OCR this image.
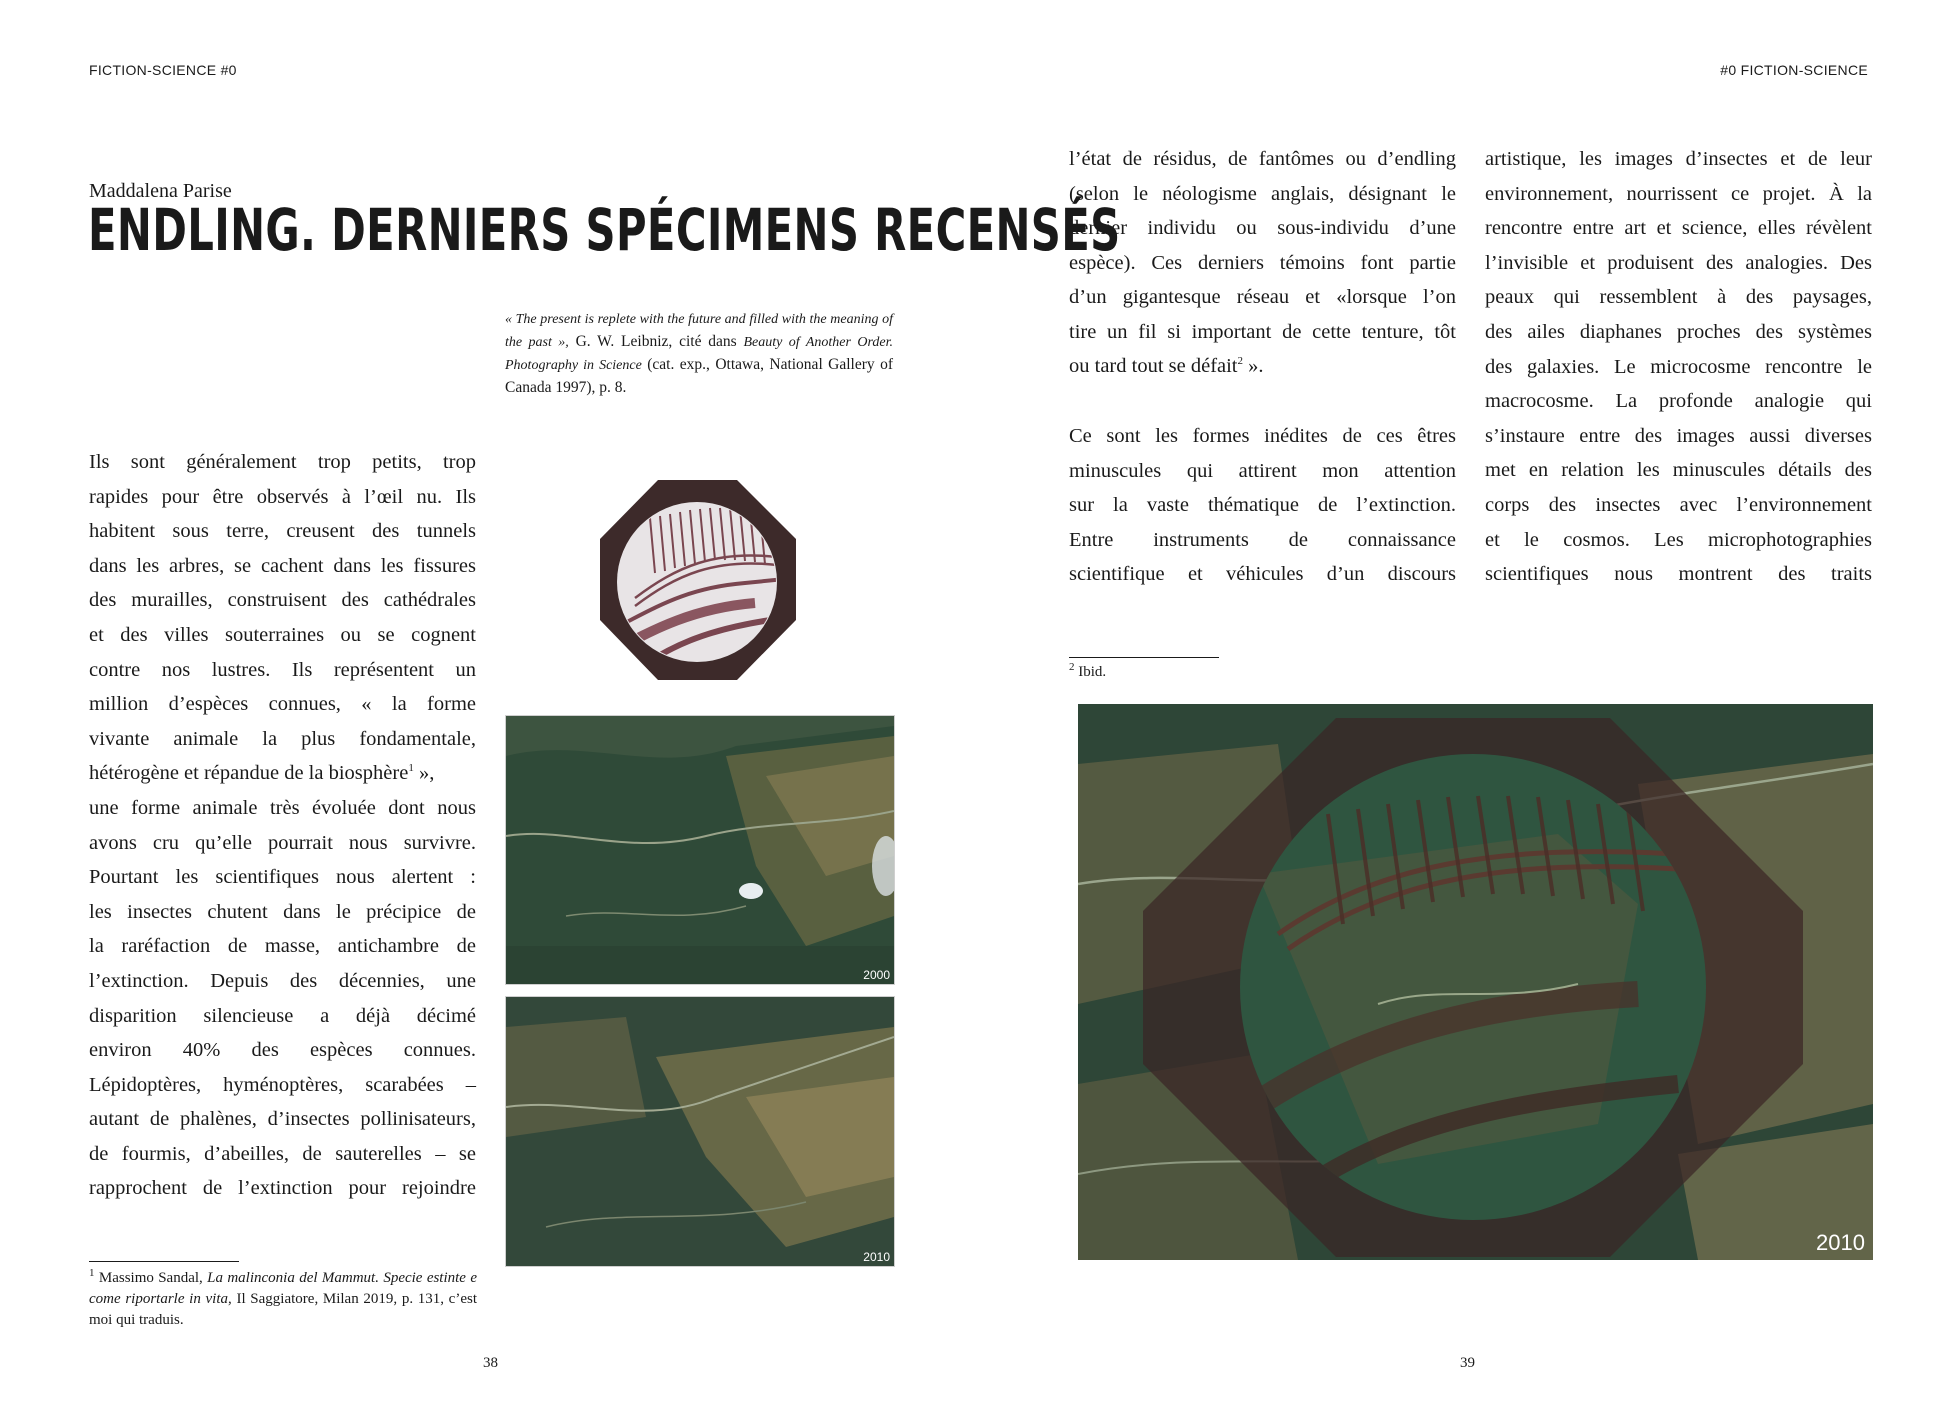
FICTION-SCIENCE #0	#0 FICTION-SCIENCE
Maddalena Parise
ENDLING. DERNIERS SPÉCIMENS RECENSÉS
« The present is replete with the future and filled with the meaning of the past », G. W. Leibniz, cité dans Beauty of Another Order. Photography in Science (cat. exp., Ottawa, National Gallery of Canada 1997), p. 8.
Ils sont généralement trop petits, trop
rapides pour être observés à l’œil nu. Ils
habitent sous terre, creusent des tunnels
dans les arbres, se cachent dans les fissures
des murailles, construisent des cathédrales
et des villes souterraines ou se cognent
contre nos lustres. Ils représentent un
million d’espèces connues, « la forme
vivante animale la plus fondamentale,
hétérogène et répandue de la biosphère$^1$ »,
une forme animale très évoluée dont nous
avons cru qu’elle pourrait nous survivre.
Pourtant les scientifiques nous alertent :
les insectes chutent dans le précipice de
la raréfaction de masse, antichambre de
l’extinction. Depuis des décennies, une
disparition silencieuse a déjà décimé
environ 40% des espèces connues.
Lépidoptères, hyménoptères, scarabées –
autant de phalènes, d’insectes pollinisateurs,
de fourmis, d’abeilles, de sauterelles – se
rapprochent de l’extinction pour rejoindre
$^1$ Massimo Sandal, La malinconia del Mammut. Specie estinte e come riportarle in vita, Il Saggiatore, Milan 2019, p. 131, c’est moi qui traduis.
2000
2010
38
l’état de résidus, de fantômes ou d’endling
(selon le néologisme anglais, désignant le
dernier individu ou sous-individu d’une
espèce). Ces derniers témoins font partie
d’un gigantesque réseau et «lorsque l’on
tire un fil si important de cette tenture, tôt
ou tard tout se défait$^2$ ».
Ce sont les formes inédites de ces êtres
minuscules qui attirent mon attention
sur la vaste thématique de l’extinction.
Entre instruments de connaissance
scientifique et véhicules d’un discours
artistique, les images d’insectes et de leur
environnement, nourrissent ce projet. À la
rencontre entre art et science, elles révèlent
l’invisible et produisent des analogies. Des
peaux qui ressemblent à des paysages,
des ailes diaphanes proches des systèmes
des galaxies. Le microcosme rencontre le
macrocosme. La profonde analogie qui
s’instaure entre des images aussi diverses
met en relation les minuscules détails des
corps des insectes avec l’environnement
et le cosmos. Les microphotographies
scientifiques nous montrent des traits
$^2$ Ibid.
2010
39
